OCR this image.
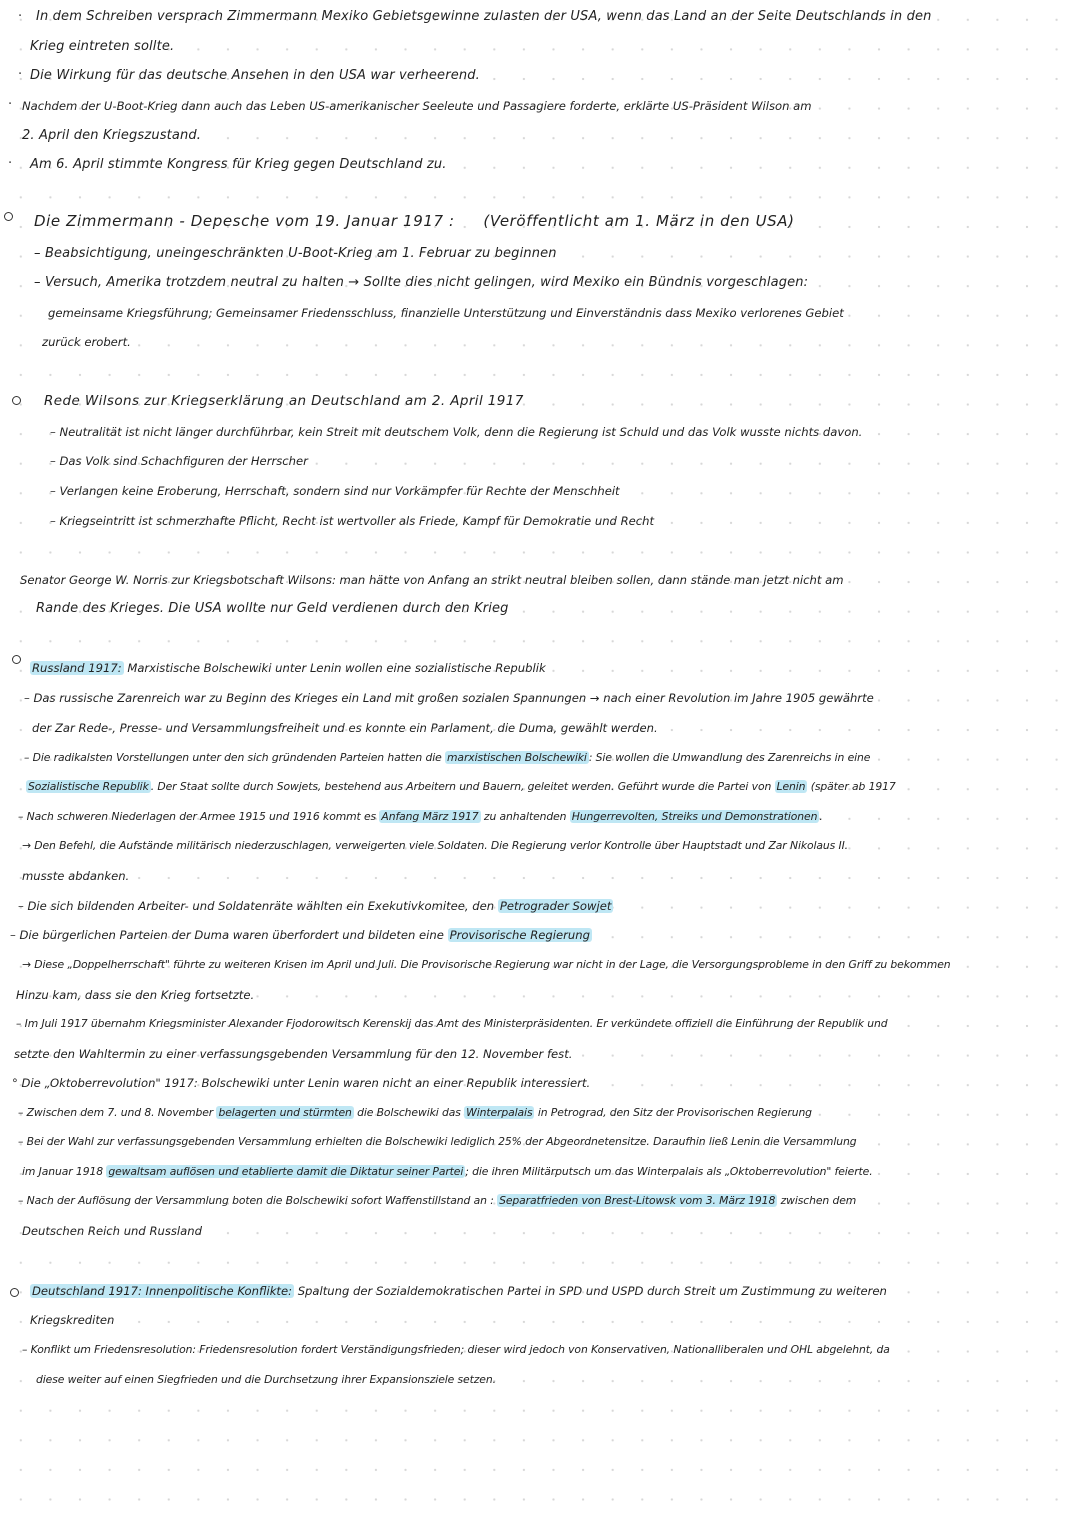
·
·
·
·
In dem Schreiben versprach Zimmermann Mexiko Gebietsgewinne zulasten der USA, wenn das Land an der Seite Deutschlands in den
Krieg eintreten sollte.
Die Wirkung für das deutsche Ansehen in den USA war verheerend.
Nachdem der U-Boot-Krieg dann auch das Leben US-amerikanischer Seeleute und Passagiere forderte, erklärte US-Präsident Wilson am
2. April den Kriegszustand.
Am 6. April stimmte Kongress für Krieg gegen Deutschland zu.
Die Zimmermann - Depesche vom 19. Januar 1917 : (Veröffentlicht am 1. März in den USA)
– Beabsichtigung, uneingeschränkten U-Boot-Krieg am 1. Februar zu beginnen
– Versuch, Amerika trotzdem neutral zu halten → Sollte dies nicht gelingen, wird Mexiko ein Bündnis vorgeschlagen:
gemeinsame Kriegsführung; Gemeinsamer Friedensschluss, finanzielle Unterstützung und Einverständnis dass Mexiko verlorenes Gebiet
zurück erobert.
Rede Wilsons zur Kriegserklärung an Deutschland am 2. April 1917
– Neutralität ist nicht länger durchführbar, kein Streit mit deutschem Volk, denn die Regierung ist Schuld und das Volk wusste nichts davon.
– Das Volk sind Schachfiguren der Herrscher
– Verlangen keine Eroberung, Herrschaft, sondern sind nur Vorkämpfer für Rechte der Menschheit
– Kriegseintritt ist schmerzhafte Pflicht, Recht ist wertvoller als Friede, Kampf für Demokratie und Recht
Senator George W. Norris zur Kriegsbotschaft Wilsons: man hätte von Anfang an strikt neutral bleiben sollen, dann stände man jetzt nicht am
Rande des Krieges. Die USA wollte nur Geld verdienen durch den Krieg
Russland 1917: Marxistische Bolschewiki unter Lenin wollen eine sozialistische Republik
– Das russische Zarenreich war zu Beginn des Krieges ein Land mit großen sozialen Spannungen → nach einer Revolution im Jahre 1905 gewährte
der Zar Rede-, Presse- und Versammlungsfreiheit und es konnte ein Parlament, die Duma, gewählt werden.
– Die radikalsten Vorstellungen unter den sich gründenden Parteien hatten die marxistischen Bolschewiki : Sie wollen die Umwandlung des Zarenreichs in eine
Sozialistische Republik . Der Staat sollte durch Sowjets, bestehend aus Arbeitern und Bauern, geleitet werden. Geführt wurde die Partei von Lenin (später ab 1917
– Nach schweren Niederlagen der Armee 1915 und 1916 kommt es Anfang März 1917 zu anhaltenden Hungerrevolten, Streiks und Demonstrationen .
→ Den Befehl, die Aufstände militärisch niederzuschlagen, verweigerten viele Soldaten. Die Regierung verlor Kontrolle über Hauptstadt und Zar Nikolaus II.
musste abdanken.
– Die sich bildenden Arbeiter- und Soldatenräte wählten ein Exekutivkomitee, den Petrograder Sowjet
– Die bürgerlichen Parteien der Duma waren überfordert und bildeten eine Provisorische Regierung
→ Diese „Doppelherrschaft" führte zu weiteren Krisen im April und Juli. Die Provisorische Regierung war nicht in der Lage, die Versorgungsprobleme in den Griff zu bekommen
Hinzu kam, dass sie den Krieg fortsetzte.
– Im Juli 1917 übernahm Kriegsminister Alexander Fjodorowitsch Kerenskij das Amt des Ministerpräsidenten. Er verkündete offiziell die Einführung der Republik und
setzte den Wahltermin zu einer verfassungsgebenden Versammlung für den 12. November fest.
° Die „Oktoberrevolution" 1917: Bolschewiki unter Lenin waren nicht an einer Republik interessiert.
– Zwischen dem 7. und 8. November belagerten und stürmten die Bolschewiki das Winterpalais in Petrograd, den Sitz der Provisorischen Regierung
– Bei der Wahl zur verfassungsgebenden Versammlung erhielten die Bolschewiki lediglich 25% der Abgeordnetensitze. Daraufhin ließ Lenin die Versammlung
im Januar 1918 gewaltsam auflösen und etablierte damit die Diktatur seiner Partei ; die ihren Militärputsch um das Winterpalais als „Oktoberrevolution" feierte.
– Nach der Auflösung der Versammlung boten die Bolschewiki sofort Waffenstillstand an : Separatfrieden von Brest-Litowsk vom 3. März 1918 zwischen dem
Deutschen Reich und Russland
Deutschland 1917: Innenpolitische Konflikte: Spaltung der Sozialdemokratischen Partei in SPD und USPD durch Streit um Zustimmung zu weiteren
Kriegskrediten
– Konflikt um Friedensresolution: Friedensresolution fordert Verständigungsfrieden; dieser wird jedoch von Konservativen, Nationalliberalen und OHL abgelehnt, da
diese weiter auf einen Siegfrieden und die Durchsetzung ihrer Expansionsziele setzen.
